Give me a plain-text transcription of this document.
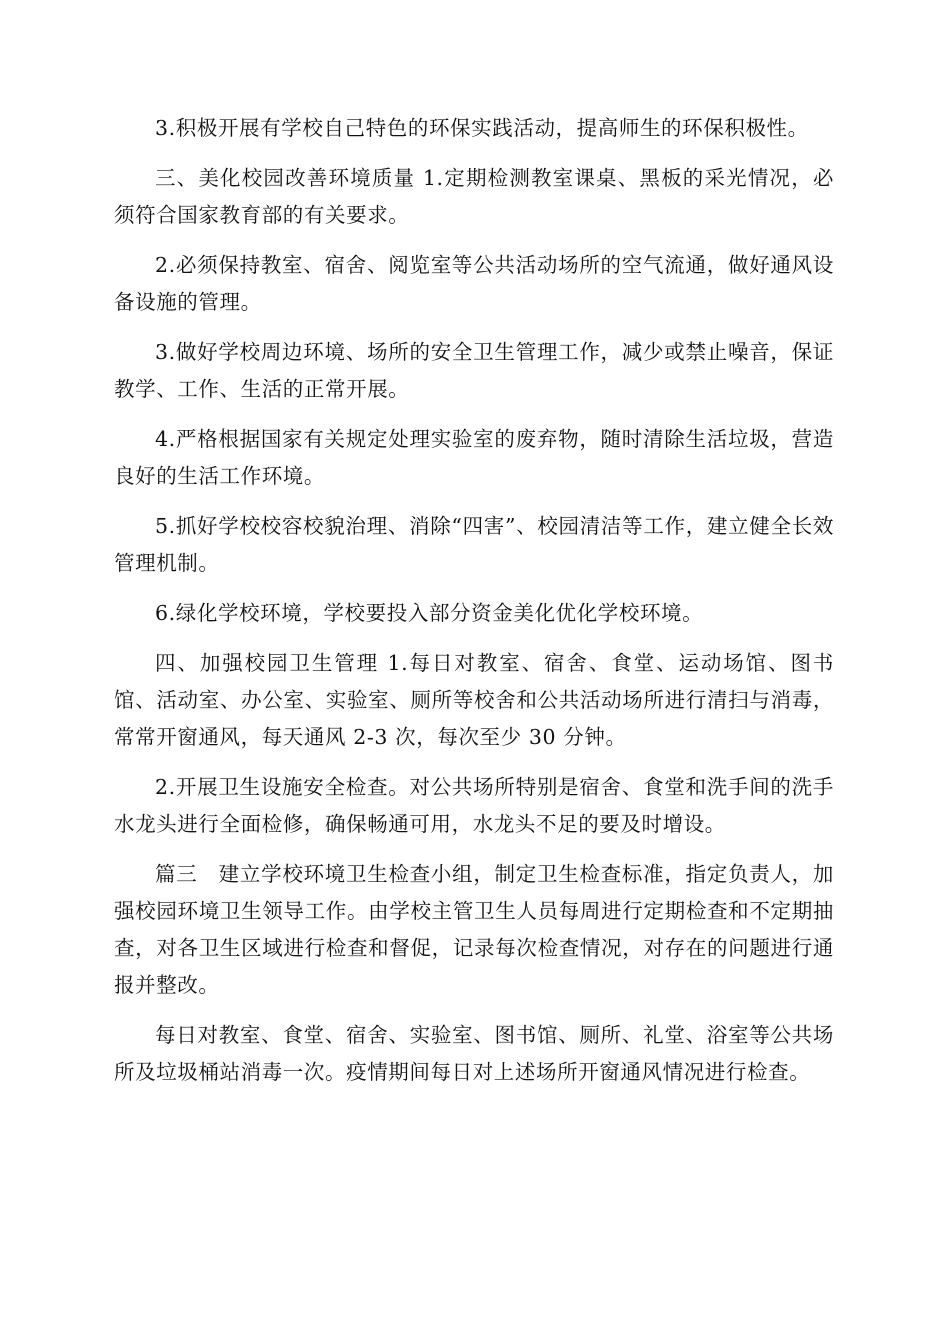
3.积极开展有学校自己特色的环保实践活动，提高师生的环保积极性。

三、美化校园改善环境质量 1.定期检测教室课桌、黑板的采光情况，必须符合国家教育部的有关要求。

2.必须保持教室、宿舍、阅览室等公共活动场所的空气流通，做好通风设备设施的管理。

3.做好学校周边环境、场所的安全卫生管理工作，减少或禁止噪音，保证教学、工作、生活的正常开展。

4.严格根据国家有关规定处理实验室的废弃物，随时清除生活垃圾，营造良好的生活工作环境。

5.抓好学校校容校貌治理、消除“四害”、校园清洁等工作，建立健全长效管理机制。

6.绿化学校环境，学校要投入部分资金美化优化学校环境。

四、加强校园卫生管理 1.每日对教室、宿舍、食堂、运动场馆、图书馆、活动室、办公室、实验室、厕所等校舍和公共活动场所进行清扫与消毒，常常开窗通风，每天通风 2-3 次，每次至少 30 分钟。

2.开展卫生设施安全检查。对公共场所特别是宿舍、食堂和洗手间的洗手水龙头进行全面检修，确保畅通可用，水龙头不足的要及时增设。

篇三　建立学校环境卫生检查小组，制定卫生检查标准，指定负责人，加强校园环境卫生领导工作。由学校主管卫生人员每周进行定期检查和不定期抽查，对各卫生区域进行检查和督促，记录每次检查情况，对存在的问题进行通报并整改。

每日对教室、食堂、宿舍、实验室、图书馆、厕所、礼堂、浴室等公共场所及垃圾桶站消毒一次。疫情期间每日对上述场所开窗通风情况进行检查。
